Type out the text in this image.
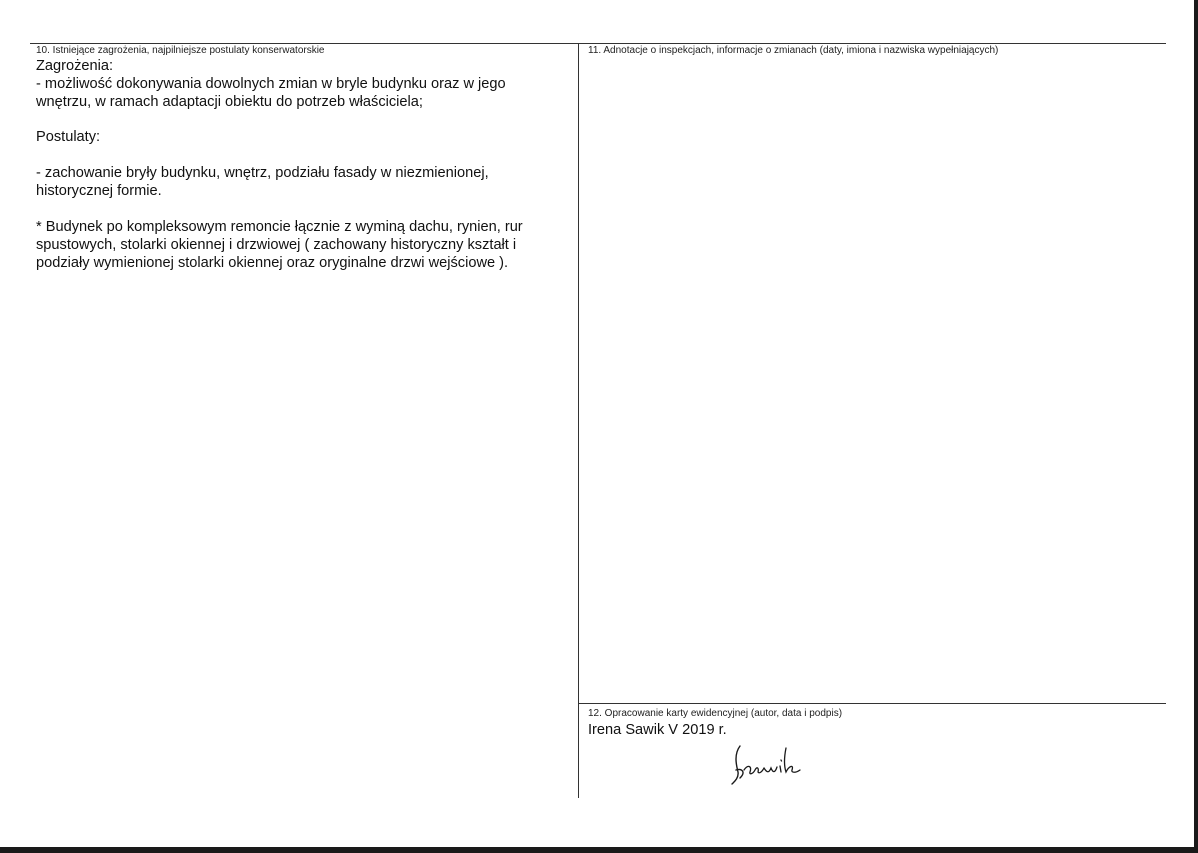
10. Istniejące zagrożenia, najpilniejsze postulaty konserwatorskie
Zagrożenia:
- możliwość dokonywania dowolnych zmian w bryle budynku oraz w jego
wnętrzu, w ramach adaptacji obiektu do potrzeb właściciela;
Postulaty:
- zachowanie bryły budynku, wnętrz, podziału fasady w niezmienionej,
historycznej formie.
* Budynek po kompleksowym remoncie łącznie z wyminą dachu, rynien, rur
spustowych, stolarki okiennej i drzwiowej ( zachowany historyczny kształt i
podziały wymienionej stolarki okiennej oraz oryginalne drzwi wejściowe ).
11. Adnotacje o inspekcjach, informacje o zmianach (daty, imiona i nazwiska wypełniających)
12. Opracowanie karty ewidencyjnej (autor, data i podpis)
Irena Sawik V 2019 r.
